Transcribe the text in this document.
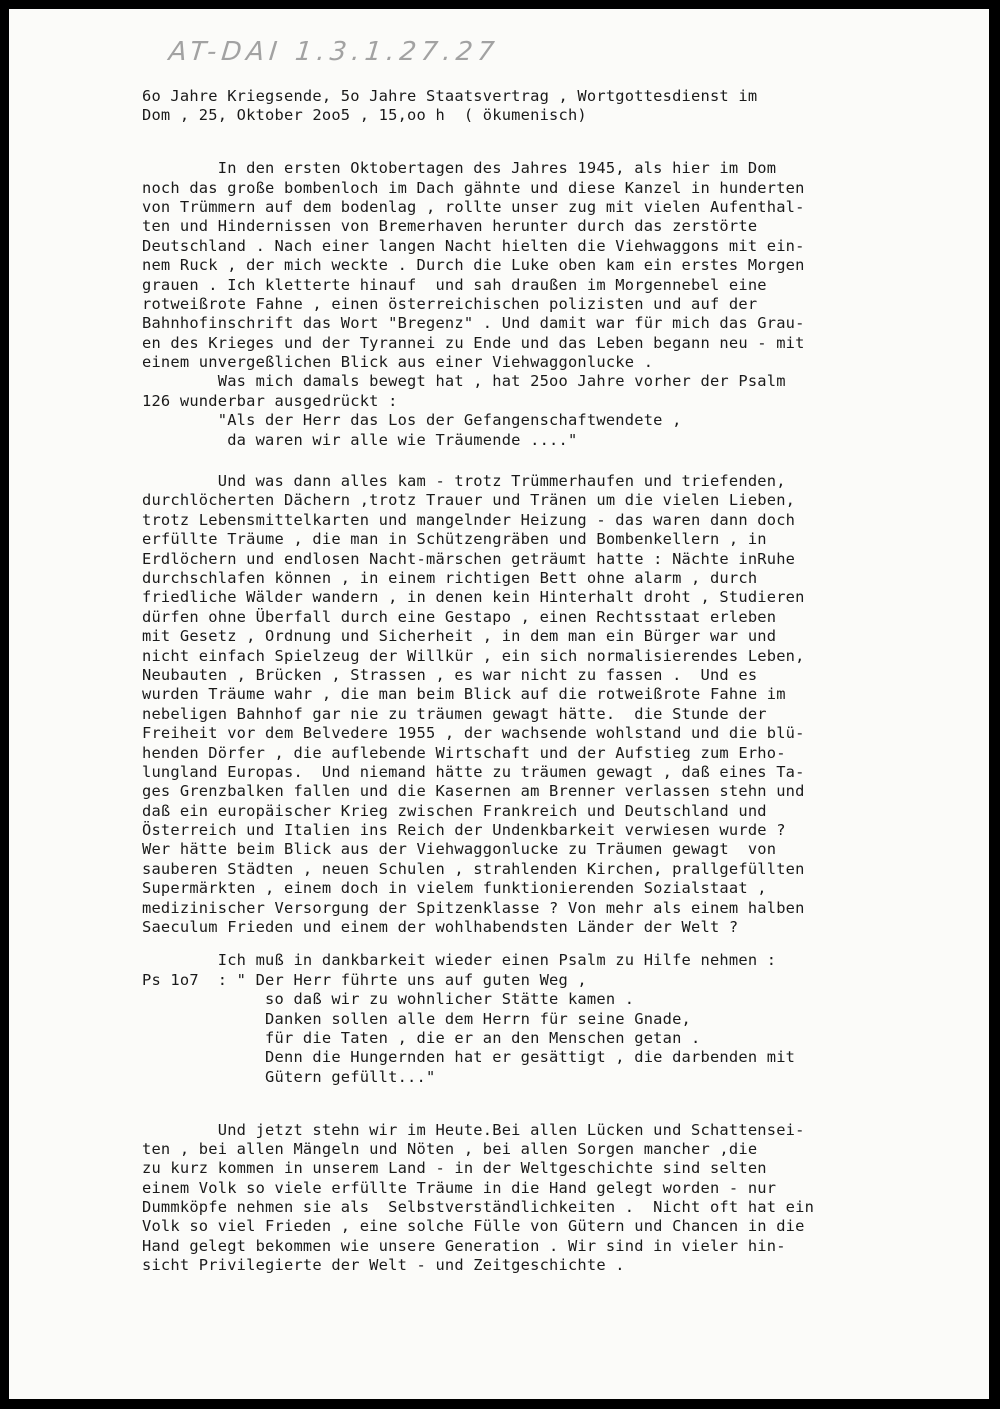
AT-DAI 1.3.1.27.27
6o Jahre Kriegsende, 5o Jahre Staatsvertrag , Wortgottesdienst im
Dom , 25, Oktober 2oo5 , 15,oo h  ( ökumenisch)
In den ersten Oktobertagen des Jahres 1945, als hier im Dom
noch das große bombenloch im Dach gähnte und diese Kanzel in hunderten
von Trümmern auf dem bodenlag , rollte unser zug mit vielen Aufenthal-
ten und Hindernissen von Bremerhaven herunter durch das zerstörte
Deutschland . Nach einer langen Nacht hielten die Viehwaggons mit ein-
nem Ruck , der mich weckte . Durch die Luke oben kam ein erstes Morgen
grauen . Ich kletterte hinauf  und sah draußen im Morgennebel eine
rotweißrote Fahne , einen österreichischen polizisten und auf der
Bahnhofinschrift das Wort "Bregenz" . Und damit war für mich das Grau-
en des Krieges und der Tyrannei zu Ende und das Leben begann neu - mit
einem unvergeßlichen Blick aus einer Viehwaggonlucke .
Was mich damals bewegt hat , hat 25oo Jahre vorher der Psalm
126 wunderbar ausgedrückt :
"Als der Herr das Los der Gefangenschaftwendete ,
da waren wir alle wie Träumende ...."
Und was dann alles kam - trotz Trümmerhaufen und triefenden,
durchlöcherten Dächern ,trotz Trauer und Tränen um die vielen Lieben,
trotz Lebensmittelkarten und mangelnder Heizung - das waren dann doch
erfüllte Träume , die man in Schützengräben und Bombenkellern , in
Erdlöchern und endlosen Nacht-märschen geträumt hatte : Nächte inRuhe
durchschlafen können , in einem richtigen Bett ohne alarm , durch
friedliche Wälder wandern , in denen kein Hinterhalt droht , Studieren
dürfen ohne Überfall durch eine Gestapo , einen Rechtsstaat erleben
mit Gesetz , Ordnung und Sicherheit , in dem man ein Bürger war und
nicht einfach Spielzeug der Willkür , ein sich normalisierendes Leben,
Neubauten , Brücken , Strassen , es war nicht zu fassen .  Und es
wurden Träume wahr , die man beim Blick auf die rotweißrote Fahne im
nebeligen Bahnhof gar nie zu träumen gewagt hätte.  die Stunde der
Freiheit vor dem Belvedere 1955 , der wachsende wohlstand und die blü-
henden Dörfer , die auflebende Wirtschaft und der Aufstieg zum Erho-
lungland Europas.  Und niemand hätte zu träumen gewagt , daß eines Ta-
ges Grenzbalken fallen und die Kasernen am Brenner verlassen stehn und
daß ein europäischer Krieg zwischen Frankreich und Deutschland und
Österreich und Italien ins Reich der Undenkbarkeit verwiesen wurde ?
Wer hätte beim Blick aus der Viehwaggonlucke zu Träumen gewagt  von
sauberen Städten , neuen Schulen , strahlenden Kirchen, prallgefüllten
Supermärkten , einem doch in vielem funktionierenden Sozialstaat ,
medizinischer Versorgung der Spitzenklasse ? Von mehr als einem halben
Saeculum Frieden und einem der wohlhabendsten Länder der Welt ?
Ich muß in dankbarkeit wieder einen Psalm zu Hilfe nehmen :
Ps 1o7  : " Der Herr führte uns auf guten Weg ,
so daß wir zu wohnlicher Stätte kamen .
Danken sollen alle dem Herrn für seine Gnade,
für die Taten , die er an den Menschen getan .
Denn die Hungernden hat er gesättigt , die darbenden mit
Gütern gefüllt..."
Und jetzt stehn wir im Heute.Bei allen Lücken und Schattensei-
ten , bei allen Mängeln und Nöten , bei allen Sorgen mancher ,die
zu kurz kommen in unserem Land - in der Weltgeschichte sind selten
einem Volk so viele erfüllte Träume in die Hand gelegt worden - nur
Dummköpfe nehmen sie als  Selbstverständlichkeiten .  Nicht oft hat ein
Volk so viel Frieden , eine solche Fülle von Gütern und Chancen in die
Hand gelegt bekommen wie unsere Generation . Wir sind in vieler hin-
sicht Privilegierte der Welt - und Zeitgeschichte .
